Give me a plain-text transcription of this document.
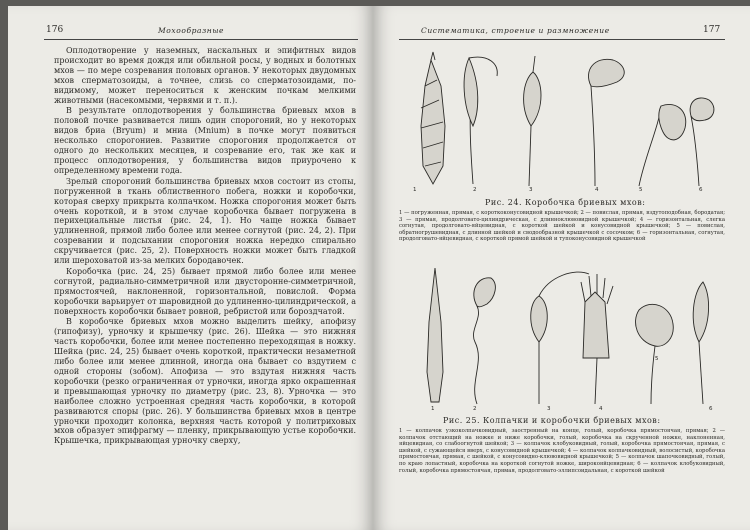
176	Мохообразные

Оплодотворение у наземных, наскальных и эпифитных видов происходит во время дождя или обильной росы, у водных и болотных мхов — по мере созревания половых органов. У некоторых двудомных мхов сперматозоиды, а точнее, слизь со сперматозоидами, по-видимому, может переноситься к женским почкам мелкими животными (насекомыми, червями и т. п.).

В результате оплодотворения у большинства бриевых мхов в половой почке развивается лишь один спорогоний, но у некоторых видов бриа (Bryum) и мниа (Mnium) в почке могут появиться несколько спорогониев. Развитие спорогония продолжается от одного до нескольких месяцев, и созревание его, так же как и процесс оплодотворения, у большинства видов приурочено к определенному времени года.

Зрелый спорогоний большинства бриевых мхов состоит из стопы, погруженной в ткань облиственного побега, ножки и коробочки, которая сверху прикрыта колпачком. Ножка спорогония может быть очень короткой, и в этом случае коробочка бывает погружена в перихециальные листья (рис. 24, 1). Но чаще ножка бывает удлиненной, прямой либо более или менее согнутой (рис. 24, 2). При созревании и подсыхании спорогония ножка нередко спирально скручивается (рис. 25, 2). Поверхность ножки может быть гладкой или шероховатой из-за мелких бородавочек.

Коробочка (рис. 24, 25) бывает прямой либо более или менее согнутой, радиально-симметричной или двусторонне-симметричной, прямостоячей, наклоненной, горизонтальной, повислой. Форма коробочки варьирует от шаровидной до удлиненно-цилиндрической, а поверхность коробочки бывает ровной, ребристой или бороздчатой.

В коробочке бриевых мхов можно выделить шейку, апофизу (гипофизу), урночку и крышечку (рис. 26). Шейка — это нижняя часть коробочки, более или менее постепенно переходящая в ножку. Шейка (рис. 24, 25) бывает очень короткой, практически незаметной либо более или менее длинной, иногда она бывает со вздутием с одной стороны (зобом). Апофиза — это вздутая нижняя часть коробочки (резко ограниченная от урночки, иногда ярко окрашенная и превышающая урночку по диаметру (рис. 23, 8). Урночка — это наиболее сложно устроенная средняя часть коробочки, в которой развиваются споры (рис. 26). У большинства бриевых мхов в центре урночки проходит колонка, верхняя часть которой у политриховых мхов образует эпифрагму — пленку, прикрывающую устье коробочки. Крышечка, прикрывающая урночку сверху,

Систематика, строение и размножение	177
1	2	3	4	5	6
Рис. 24. Коробочка бриевых мхов:
1 — погруженная, прямая, с короткоконусовидной крышечкой; 2 — повислая, прямая, вздутоподобная, бородатая; 3 — прямая, продолговато-цилиндрическая, с длинноклювовидной крышечкой; 4 — горизонтальная, слегка согнутая, продолговато-яйцевидная, с короткой шейкой и конусовидной крышечкой; 5 — повислая, обратногрушевидная, с длинной шейкой и сводообразной крышечкой с сосочком; 6 — горизонтальная, согнутая, продолговато-яйцевидная, с короткой прямой шейкой и тупоконусовидной крышечкой
1	2	3	4
5
6
Рис. 25. Колпачки и коробочки бриевых мхов:
1 — колпачок узкоколпачковидный, заостренный на конце, голый, коробочка прямостоячая, прямая; 2 — колпачок отстающий на ножке и ниже коробочки, голый, коробочка на скрученной ножке, наклоненная, яйцевидная, со слабоогнутой шейкой; 3 — колпачок клобуковидный, голый, коробочка прямостоячая, прямая, с шейкой, с сужающейся вверх, с конусовидной крышечкой; 4 — колпачок колпачковидный, волосистый, коробочка прямостоячая, прямая, с шейкой, с конусовидно-клювовидной крышечкой; 5 — колпачок шапочковидный, голый, по краю лопастный, коробочка на короткой согнутой ножке, широкояйцевидная; 6 — колпачок клобуковидный, голый, коробочка прямостоячая, прямая, продолговато-эллипсоидальная, с короткой шейкой
